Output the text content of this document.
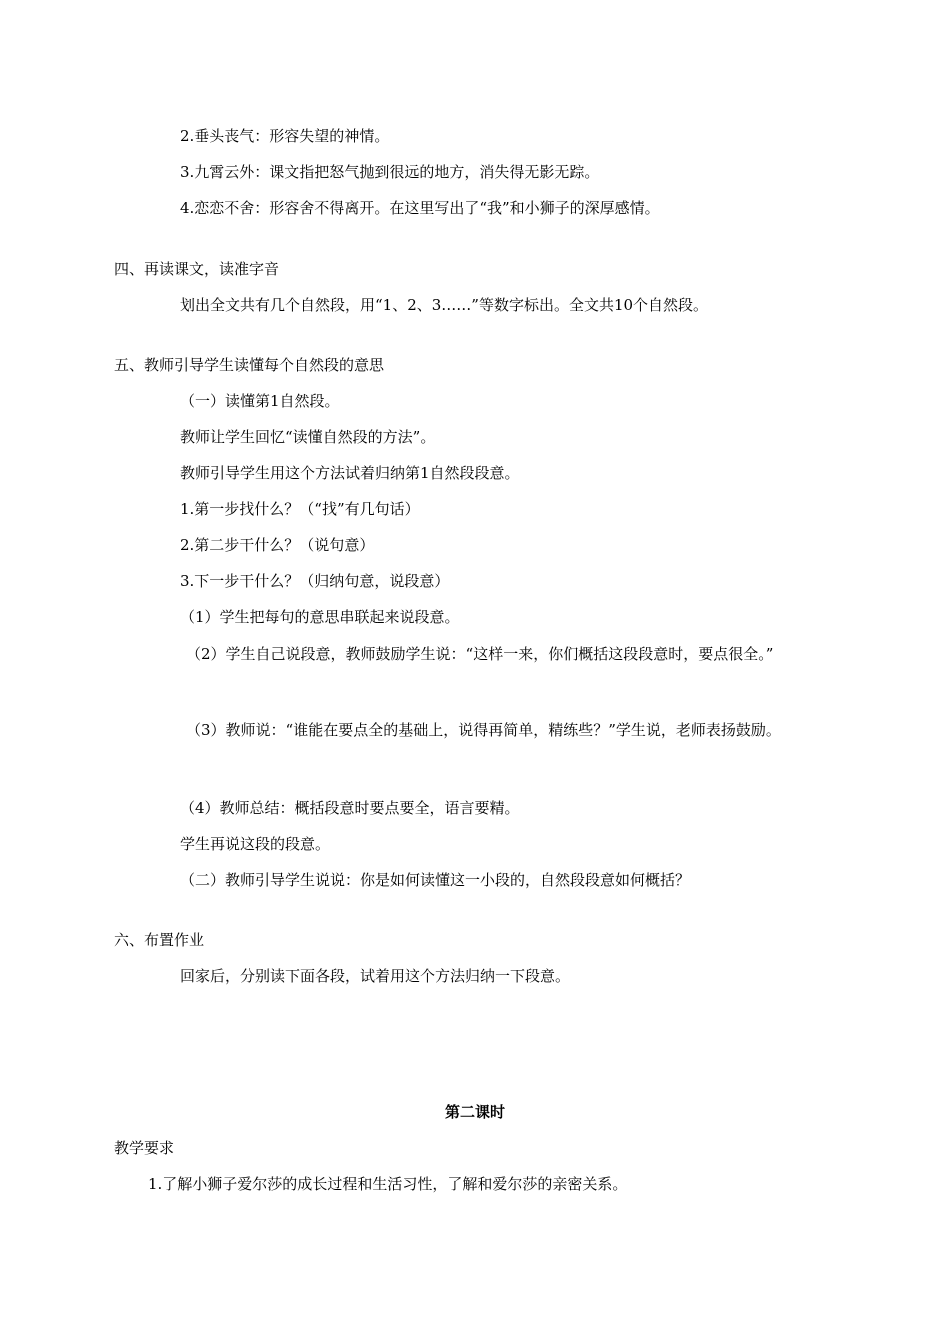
2.垂头丧气：形容失望的神情。
3.九霄云外：课文指把怒气抛到很远的地方，消失得无影无踪。
4.恋恋不舍：形容舍不得离开。在这里写出了“我”和小狮子的深厚感情。
四、再读课文，读准字音
划出全文共有几个自然段，用“1、2、3……”等数字标出。全文共10个自然段。
五、教师引导学生读懂每个自然段的意思
（一）读懂第1自然段。
教师让学生回忆“读懂自然段的方法”。
教师引导学生用这个方法试着归纳第1自然段段意。
1.第一步找什么？（“找”有几句话）
2.第二步干什么？（说句意）
3.下一步干什么？（归纳句意，说段意）
（1）学生把每句的意思串联起来说段意。
（2）学生自己说段意，教师鼓励学生说：“这样一来，你们概括这段段意时，要点很全。”
（3）教师说：“谁能在要点全的基础上，说得再简单，精练些？”学生说，老师表扬鼓励。
（4）教师总结：概括段意时要点要全，语言要精。
学生再说这段的段意。
（二）教师引导学生说说：你是如何读懂这一小段的，自然段段意如何概括？
六、布置作业
回家后，分别读下面各段，试着用这个方法归纳一下段意。
第二课时
教学要求
1.了解小狮子爱尔莎的成长过程和生活习性，了解和爱尔莎的亲密关系。
